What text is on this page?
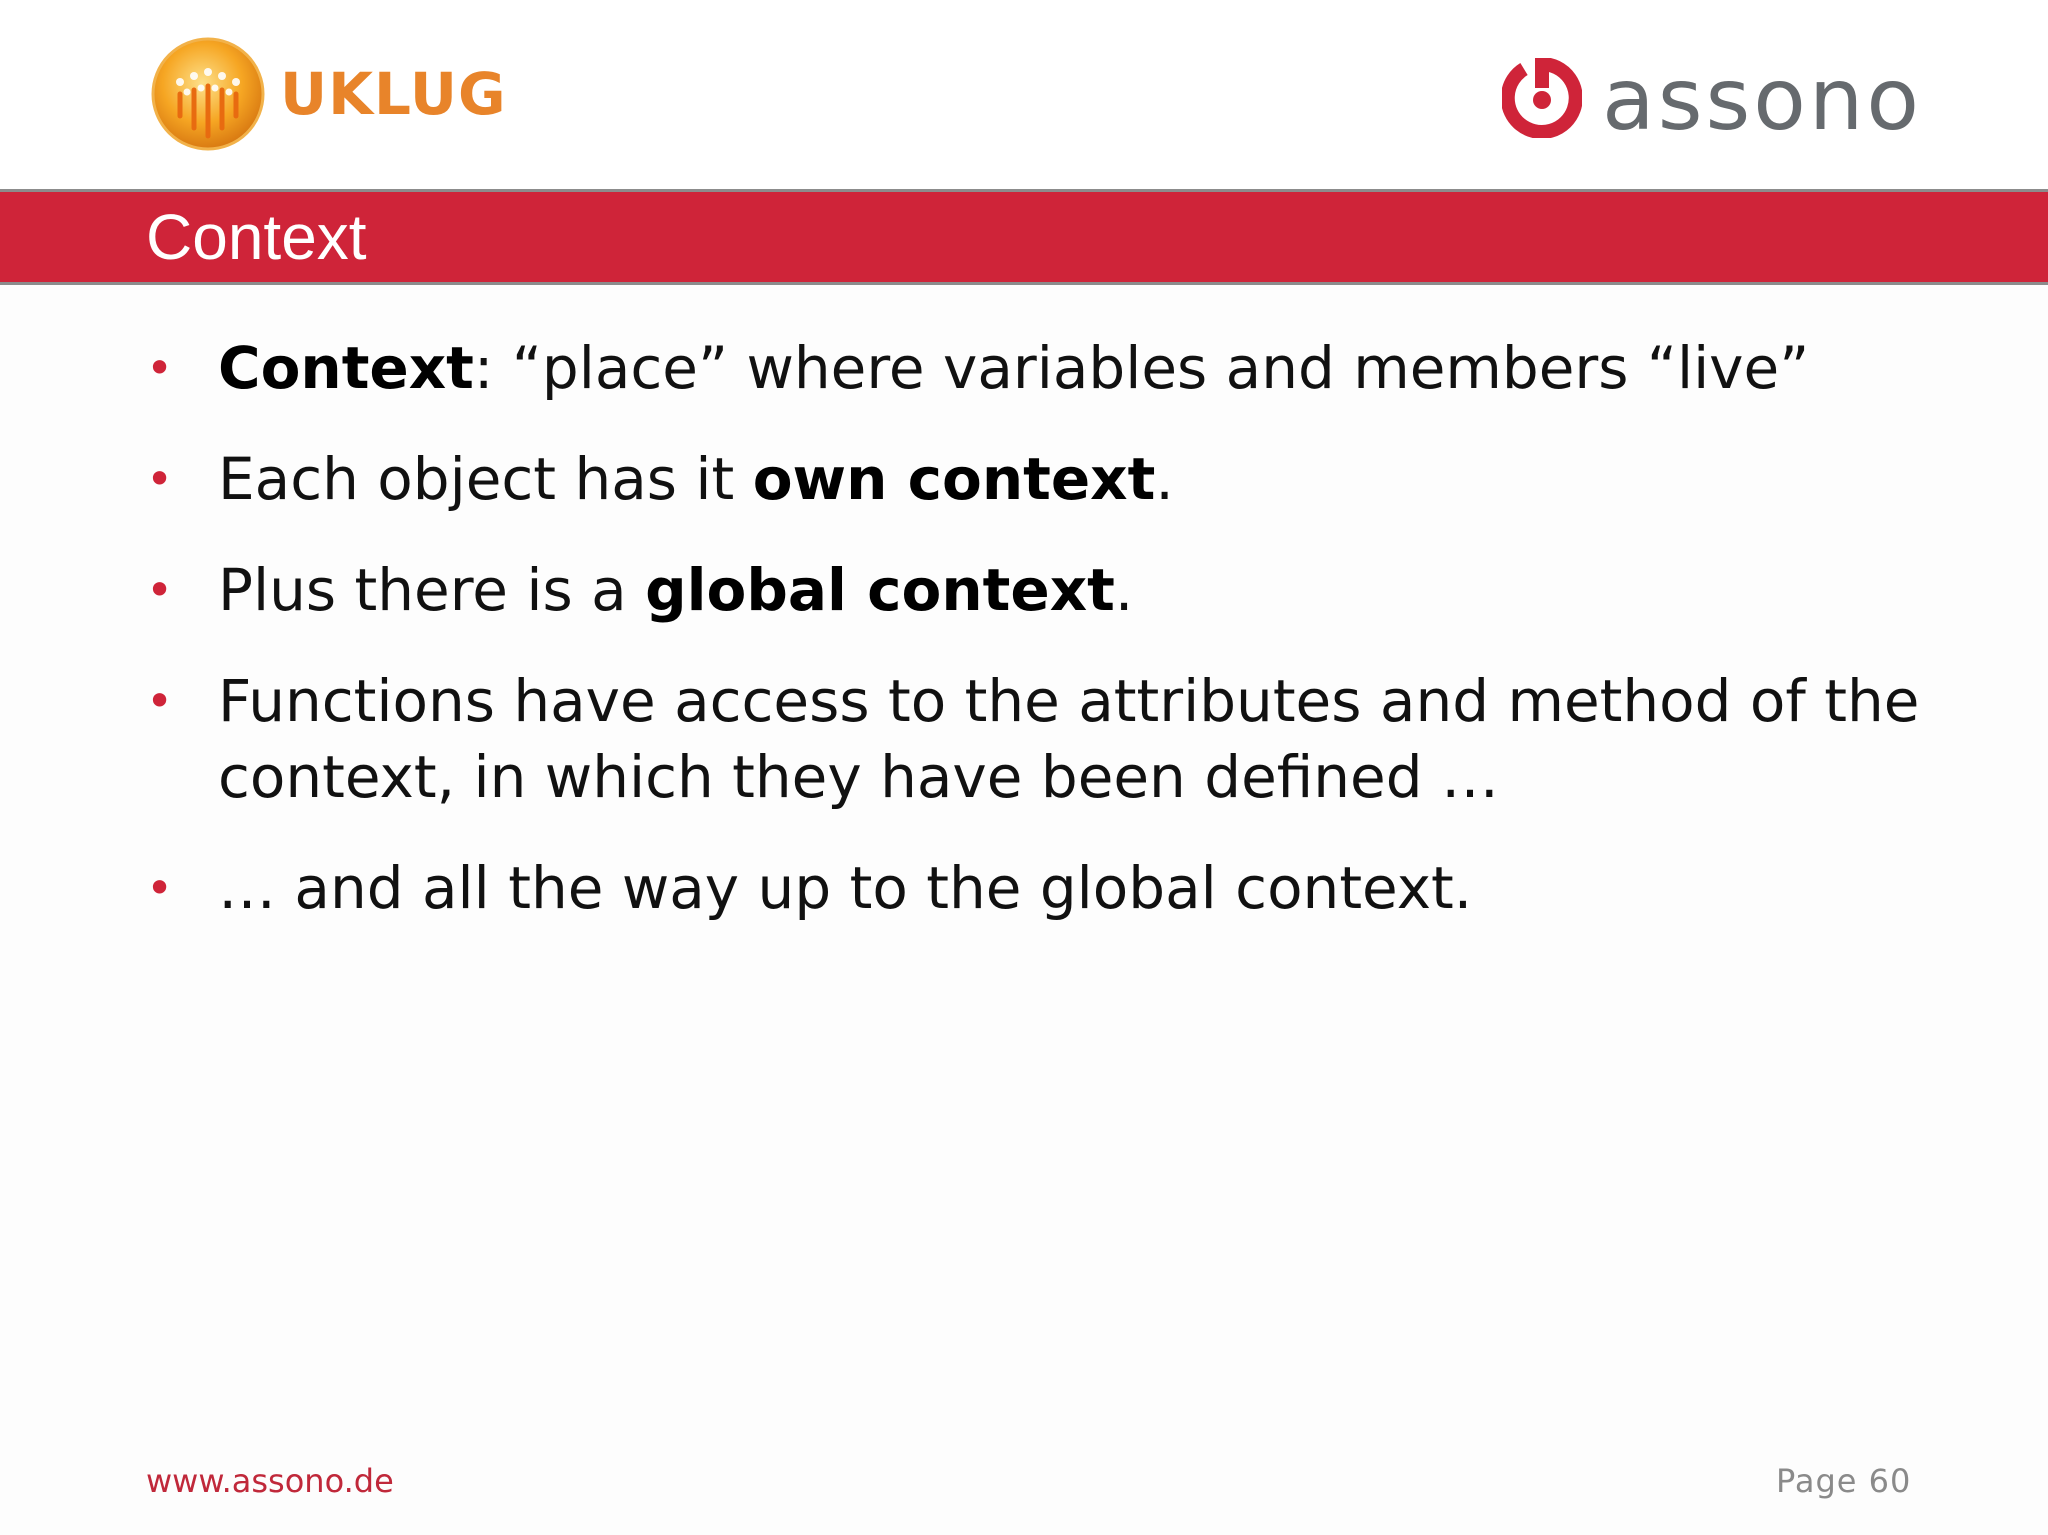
UKLUG	assono
Context
• Context: “place” where variables and members “live”
• Each object has it own context.
• Plus there is a global context.
• Functions have access to the attributes and method of the context, in which they have been defined …
• … and all the way up to the global context.
www.assono.de	Page 60
